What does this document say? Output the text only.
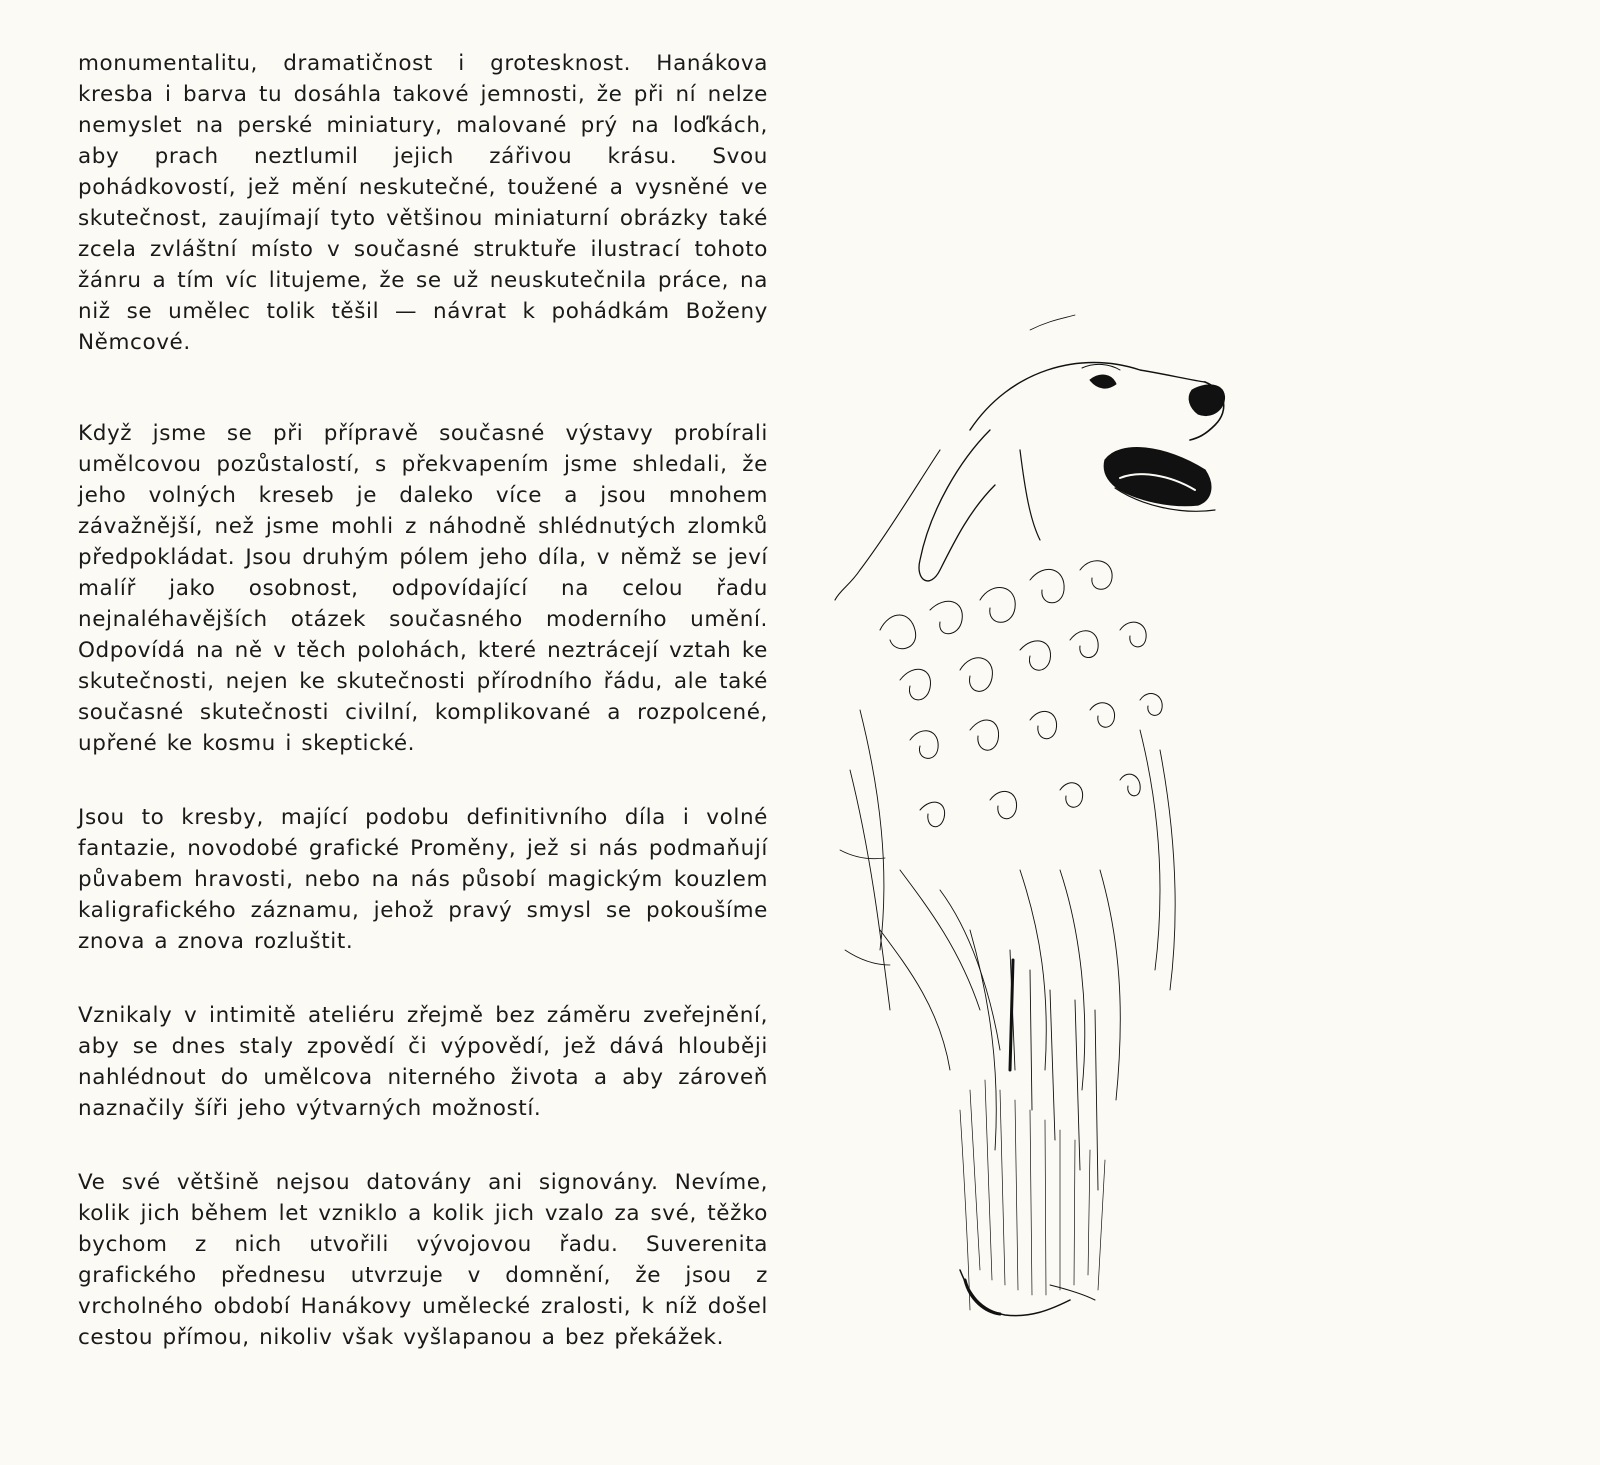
monumentalitu, dramatičnost i grotesknost. Hanákova kresba i barva tu dosáhla takové jemnosti, že při ní nelze nemyslet na perské miniatury, malované prý na loďkách, aby prach neztlumil jejich zářivou krásu. Svou pohádkovostí, jež mění neskutečné, toužené a vysněné ve skutečnost, zaujímají tyto většinou miniaturní obrázky také zcela zvláštní místo v současné struktuře ilustrací tohoto žánru a tím víc litujeme, že se už neuskutečnila práce, na niž se umělec tolik těšil — návrat k pohádkám Boženy Němcové.

Když jsme se při přípravě současné výstavy probírali umělcovou pozůstalostí, s překvapením jsme shledali, že jeho volných kreseb je daleko více a jsou mnohem závažnější, než jsme mohli z náhodně shlédnutých zlomků předpokládat. Jsou druhým pólem jeho díla, v němž se jeví malíř jako osobnost, odpovídající na celou řadu nejnaléhavějších otázek současného moderního umění. Odpovídá na ně v těch polohách, které neztrácejí vztah ke skutečnosti, nejen ke skutečnosti přírodního řádu, ale také současné skutečnosti civilní, komplikované a rozpolcené, upřené ke kosmu i skeptické.

Jsou to kresby, mající podobu definitivního díla i volné fantazie, novodobé grafické Proměny, jež si nás podmaňují půvabem hravosti, nebo na nás působí magickým kouzlem kaligrafického záznamu, jehož pravý smysl se pokoušíme znova a znova rozluštit.

Vznikaly v intimitě ateliéru zřejmě bez záměru zveřejnění, aby se dnes staly zpovědí či výpovědí, jež dává hlouběji nahlédnout do umělcova niterného života a aby zároveň naznačily šíři jeho výtvarných možností.

Ve své většině nejsou datovány ani signovány. Nevíme, kolik jich během let vzniklo a kolik jich vzalo za své, těžko bychom z nich utvořili vývojovou řadu. Suverenita grafického přednesu utvrzuje v domnění, že jsou z vrcholného období Hanákovy umělecké zralosti, k níž došel cestou přímou, nikoliv však vyšlapanou a bez překážek.
